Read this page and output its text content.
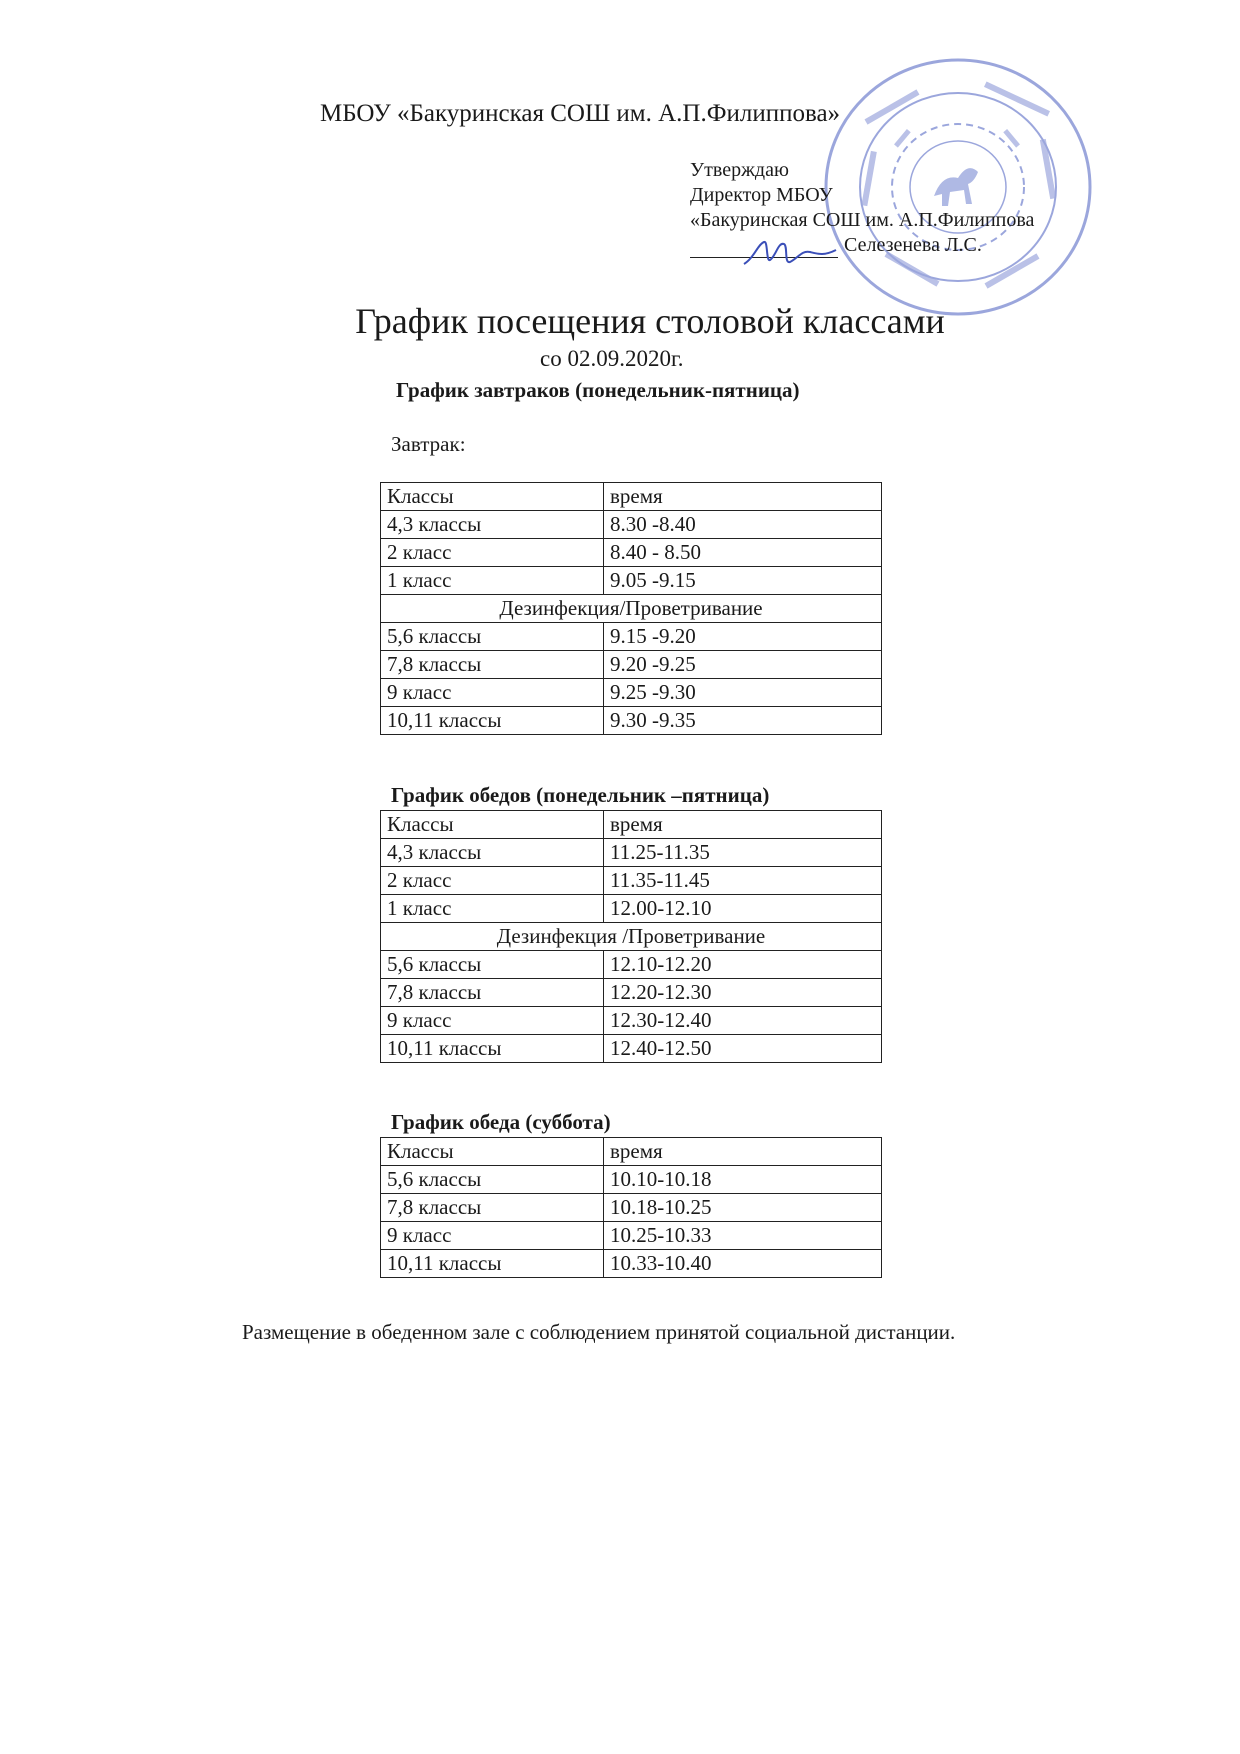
МБОУ «Бакуринская СОШ им. А.П.Филиппова»
Утверждаю
Директор МБОУ
«Бакуринская СОШ им. А.П.Филиппова
Селезенева Л.С.
График посещения столовой классами
со 02.09.2020г.
График завтраков (понедельник-пятница)
Завтрак:
Классы	время
4,3 классы	8.30 -8.40
2 класс	8.40 - 8.50
1 класс	9.05 -9.15
Дезинфекция/Проветривание	
5,6 классы	9.15 -9.20
7,8 классы	9.20 -9.25
9 класс	9.25 -9.30
10,11 классы	9.30 -9.35
График обедов (понедельник –пятница)
Классы	время
4,3 классы	11.25-11.35
2 класс	11.35-11.45
1 класс	12.00-12.10
Дезинфекция /Проветривание	
5,6 классы	12.10-12.20
7,8 классы	12.20-12.30
9 класс	12.30-12.40
10,11 классы	12.40-12.50
График обеда (суббота)
Классы	время
5,6 классы	10.10-10.18
7,8 классы	10.18-10.25
9 класс	10.25-10.33
10,11 классы	10.33-10.40
Размещение в обеденном зале с соблюдением принятой социальной дистанции.
